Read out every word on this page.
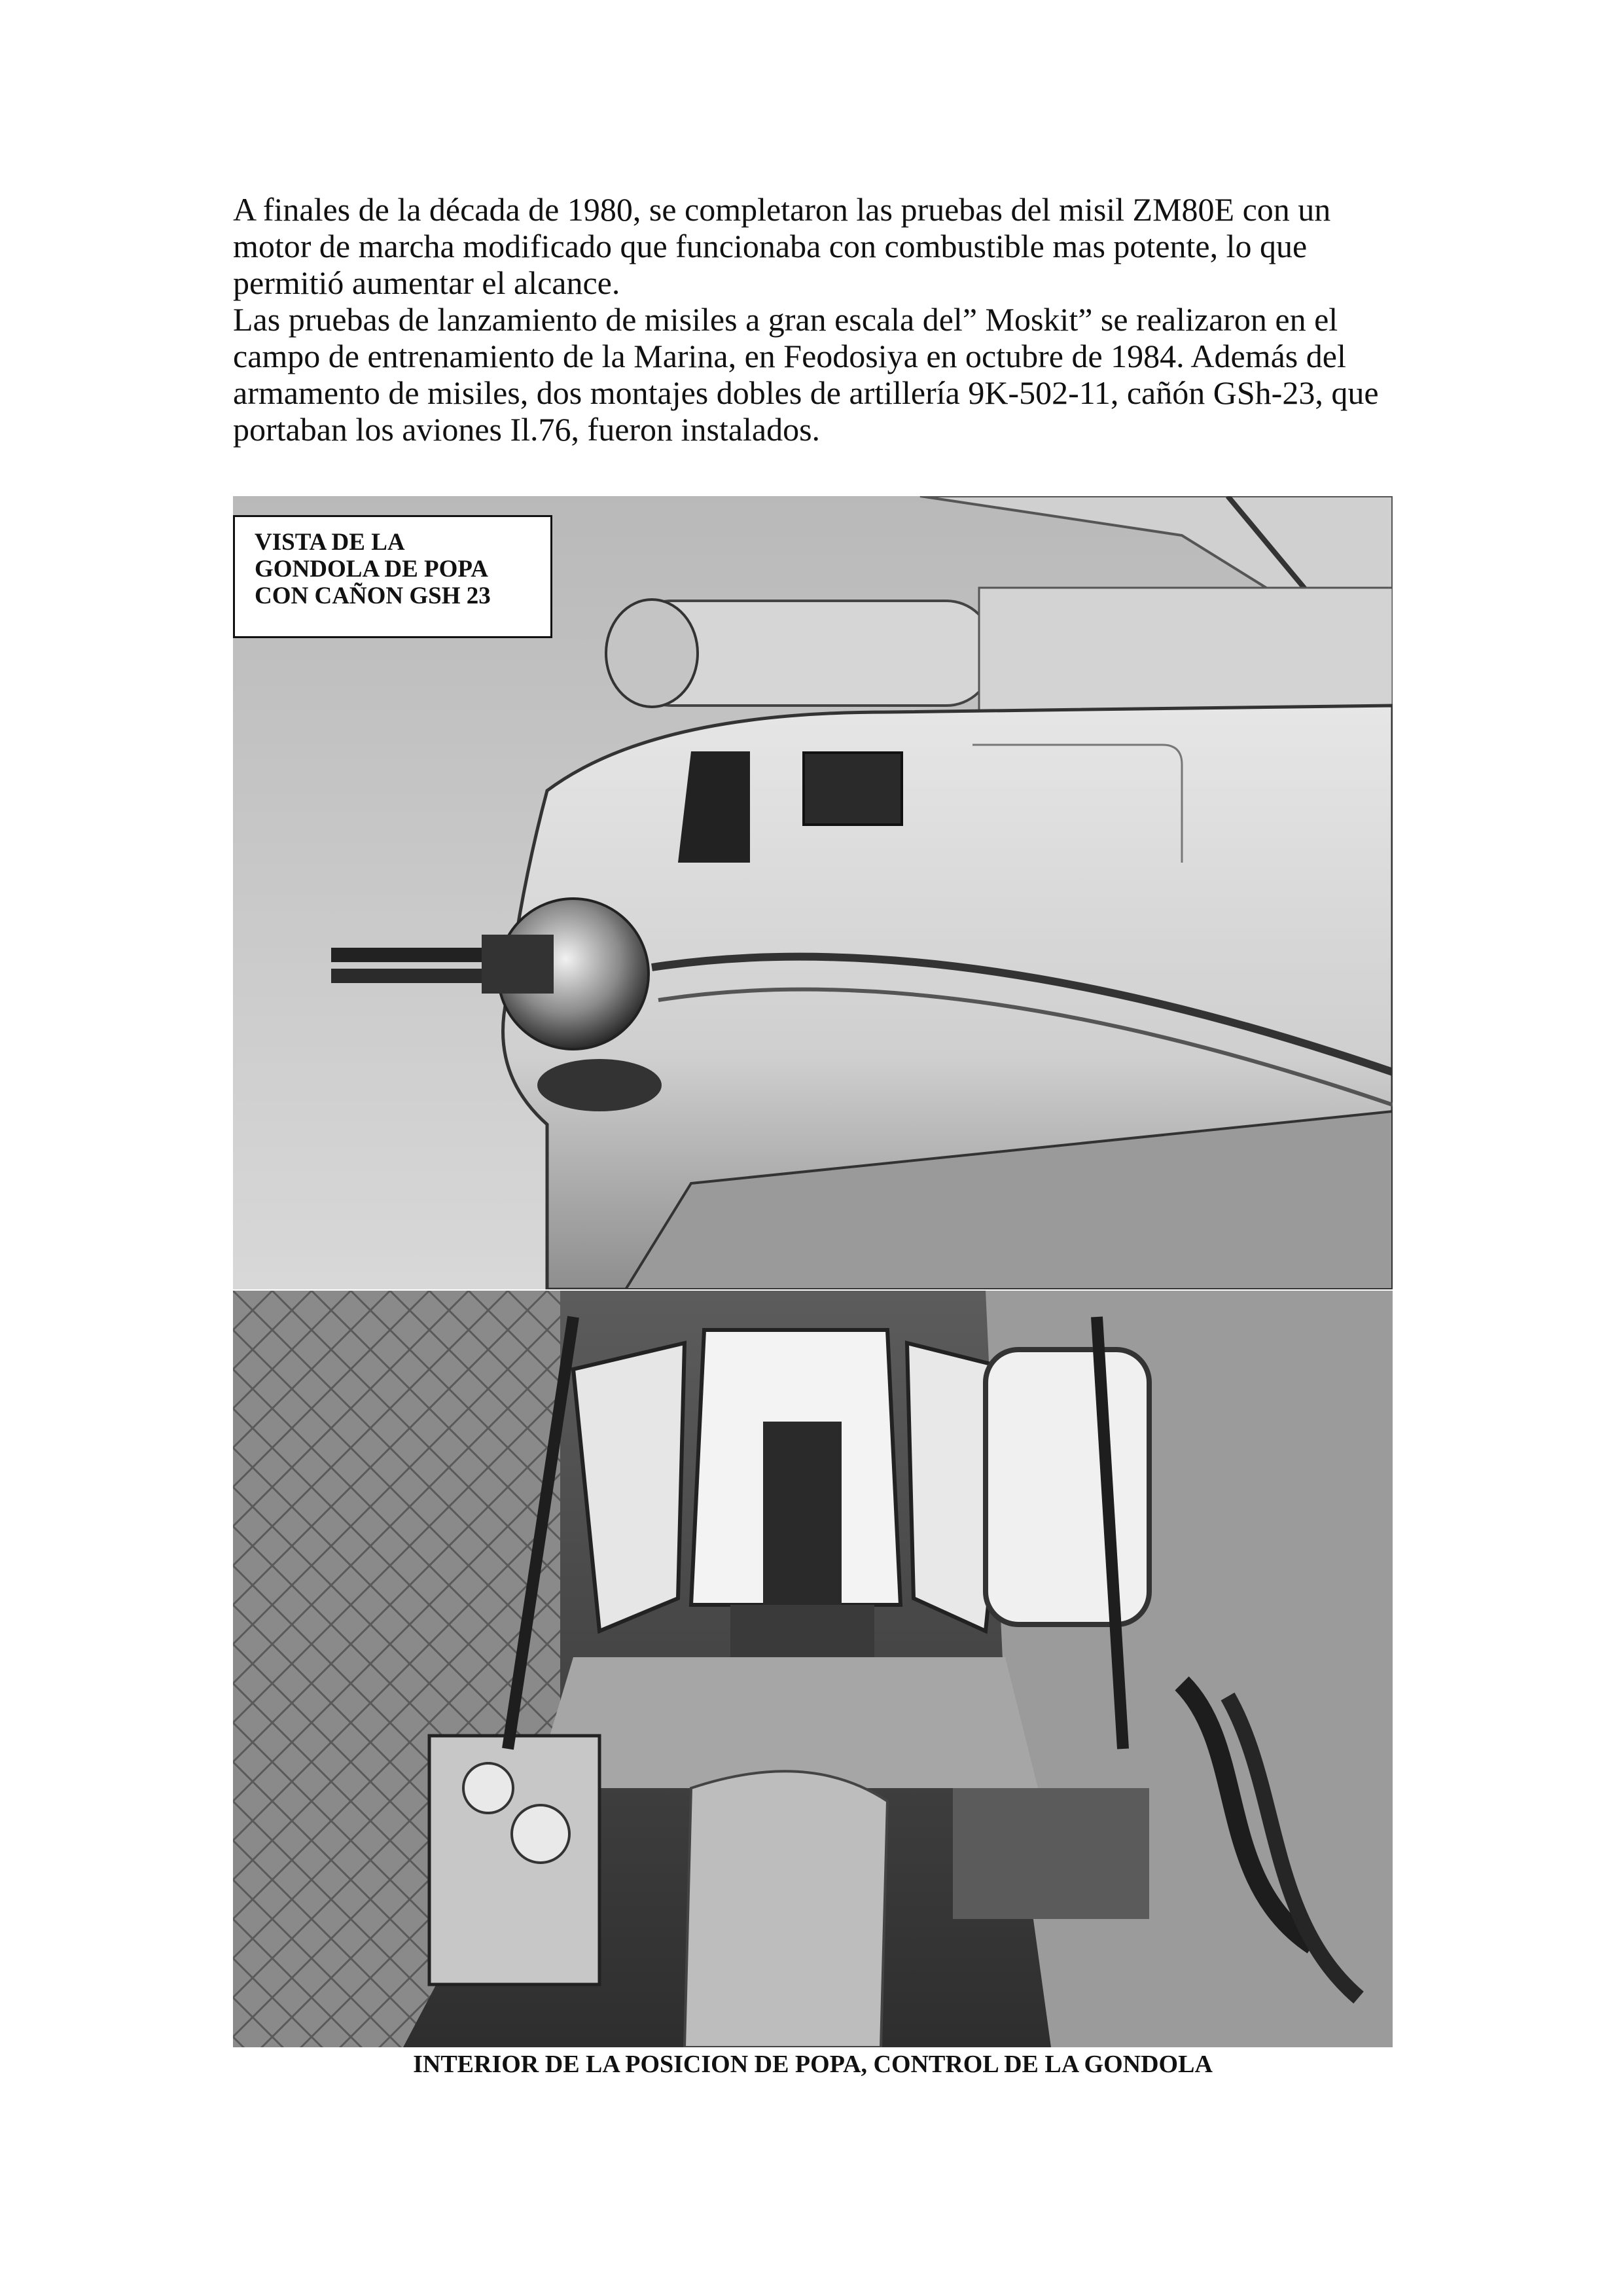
A finales de la década de 1980, se completaron las pruebas del misil ZM80E con un
motor de marcha modificado que funcionaba con combustible mas potente, lo que
permitió aumentar el alcance.
Las pruebas de lanzamiento de misiles a gran escala del” Moskit” se realizaron en el
campo de entrenamiento de la Marina, en Feodosiya en octubre de 1984. Además del
armamento de misiles, dos montajes dobles de artillería 9K-502-11, cañón GSh-23, que
portaban los aviones Il.76, fueron instalados.
VISTA DE LA
GONDOLA DE POPA
CON CAÑON GSH 23
INTERIOR DE LA POSICION DE POPA, CONTROL DE LA GONDOLA
